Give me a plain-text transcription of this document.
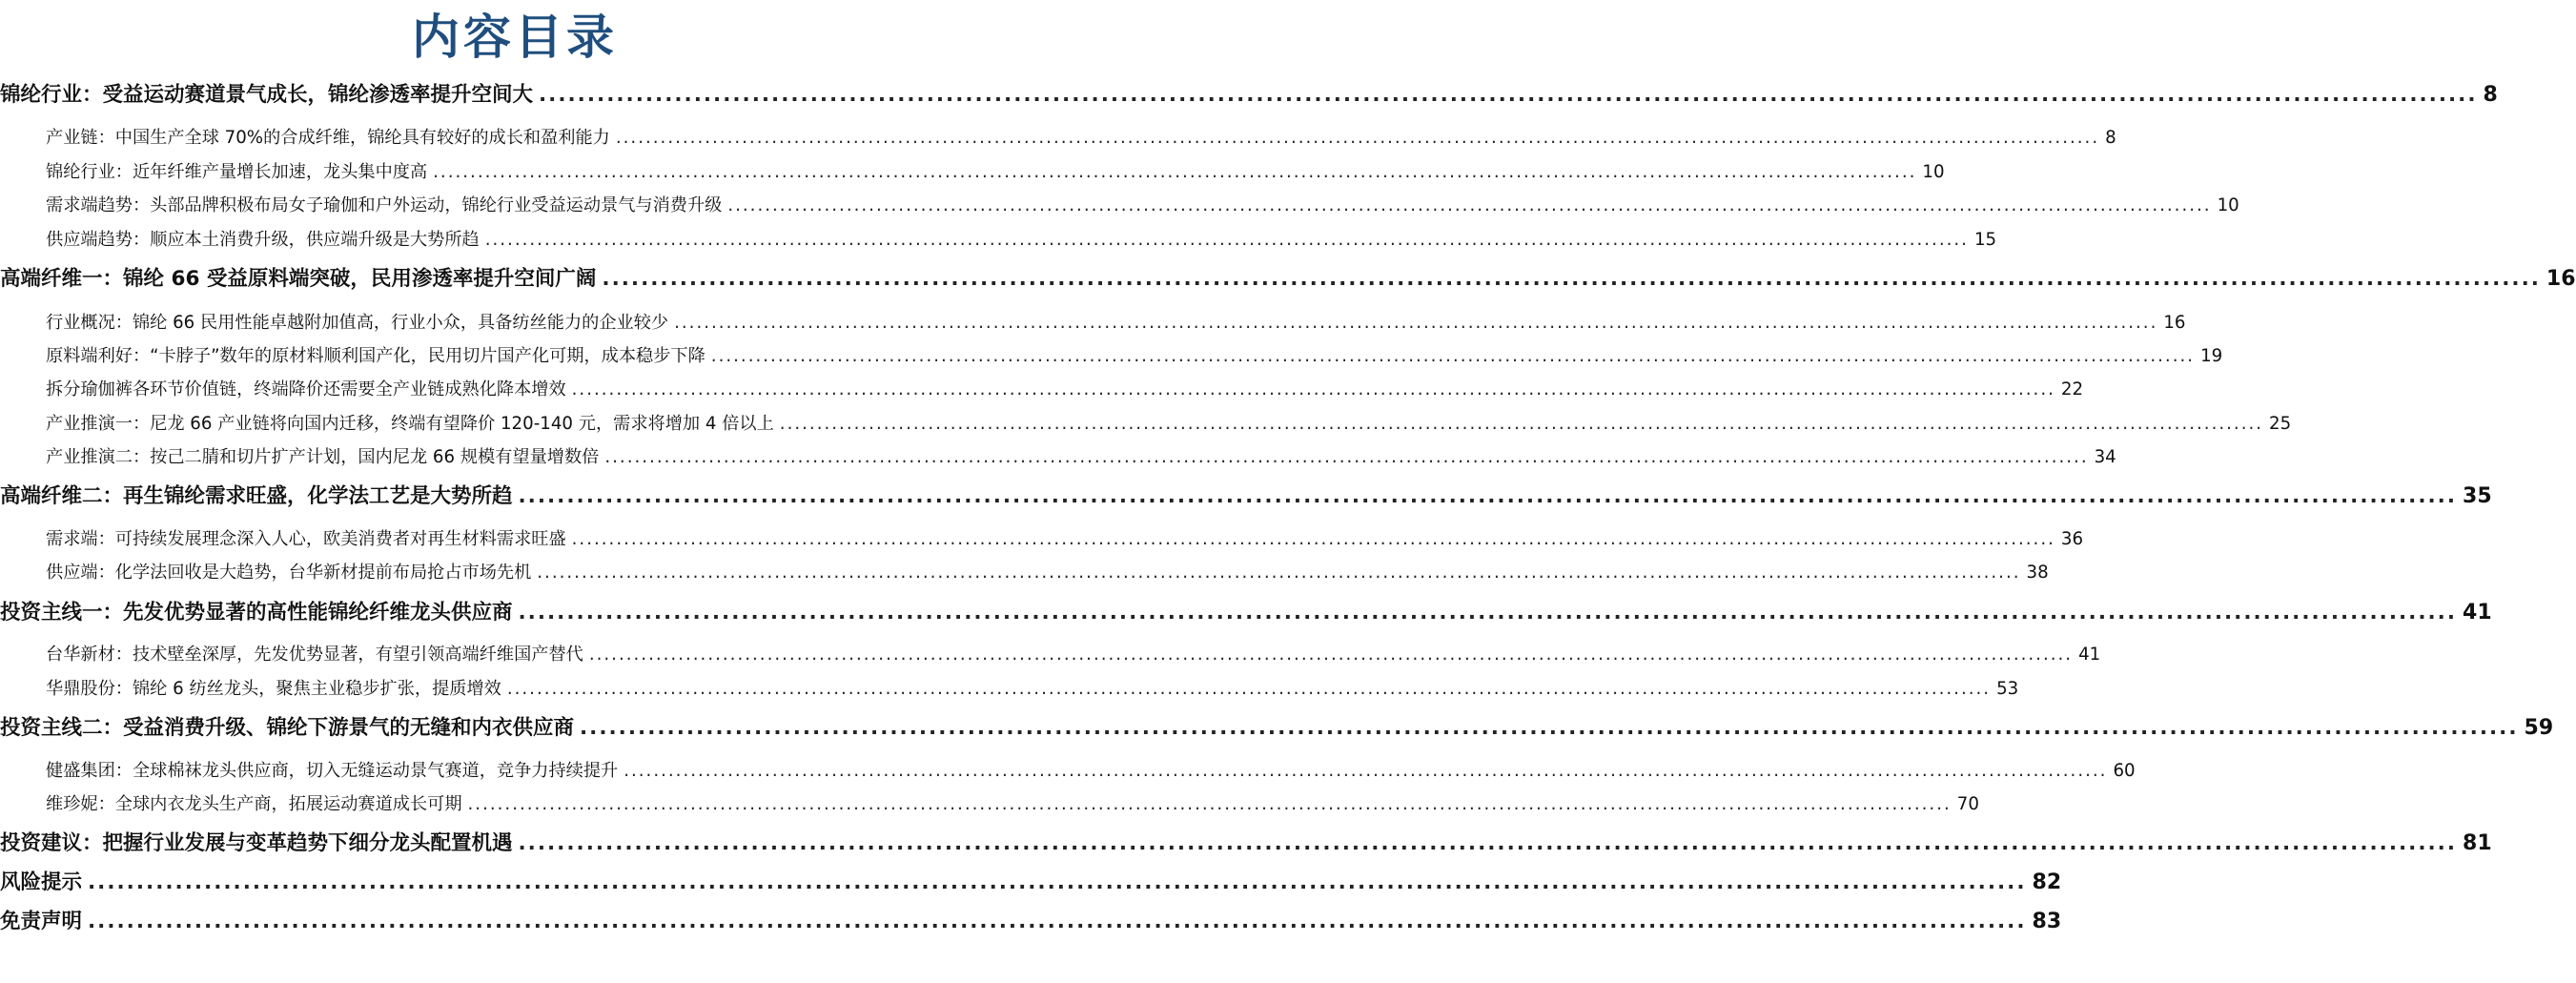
内容目录
锦纶行业：受益运动赛道景气成长，锦纶渗透率提升空间大 ........................................................................................................................................................................................................ 8
产业链：中国生产全球 70%的合成纤维，锦纶具有较好的成长和盈利能力 ........................................................................................................................................................................................................ 8
锦纶行业：近年纤维产量增长加速，龙头集中度高 ........................................................................................................................................................................................................ 10
需求端趋势：头部品牌积极布局女子瑜伽和户外运动，锦纶行业受益运动景气与消费升级 ........................................................................................................................................................................................................ 10
供应端趋势：顺应本土消费升级，供应端升级是大势所趋 ........................................................................................................................................................................................................ 15
高端纤维一：锦纶 66 受益原料端突破，民用渗透率提升空间广阔 ........................................................................................................................................................................................................ 16
行业概况：锦纶 66 民用性能卓越附加值高，行业小众，具备纺丝能力的企业较少 ........................................................................................................................................................................................................ 16
原料端利好：“卡脖子”数年的原材料顺利国产化，民用切片国产化可期，成本稳步下降 ........................................................................................................................................................................................................ 19
拆分瑜伽裤各环节价值链，终端降价还需要全产业链成熟化降本增效 ........................................................................................................................................................................................................ 22
产业推演一：尼龙 66 产业链将向国内迁移，终端有望降价 120-140 元，需求将增加 4 倍以上 ........................................................................................................................................................................................................ 25
产业推演二：按己二腈和切片扩产计划，国内尼龙 66 规模有望量增数倍 ........................................................................................................................................................................................................ 34
高端纤维二：再生锦纶需求旺盛，化学法工艺是大势所趋 ........................................................................................................................................................................................................ 35
需求端：可持续发展理念深入人心，欧美消费者对再生材料需求旺盛 ........................................................................................................................................................................................................ 36
供应端：化学法回收是大趋势，台华新材提前布局抢占市场先机 ........................................................................................................................................................................................................ 38
投资主线一：先发优势显著的高性能锦纶纤维龙头供应商 ........................................................................................................................................................................................................ 41
台华新材：技术壁垒深厚，先发优势显著，有望引领高端纤维国产替代 ........................................................................................................................................................................................................ 41
华鼎股份：锦纶 6 纺丝龙头，聚焦主业稳步扩张，提质增效 ........................................................................................................................................................................................................ 53
投资主线二：受益消费升级、锦纶下游景气的无缝和内衣供应商 ........................................................................................................................................................................................................ 59
健盛集团：全球棉袜龙头供应商，切入无缝运动景气赛道，竞争力持续提升 ........................................................................................................................................................................................................ 60
维珍妮：全球内衣龙头生产商，拓展运动赛道成长可期 ........................................................................................................................................................................................................ 70
投资建议：把握行业发展与变革趋势下细分龙头配置机遇 ........................................................................................................................................................................................................ 81
风险提示 ........................................................................................................................................................................................................ 82
免责声明 ........................................................................................................................................................................................................ 83
